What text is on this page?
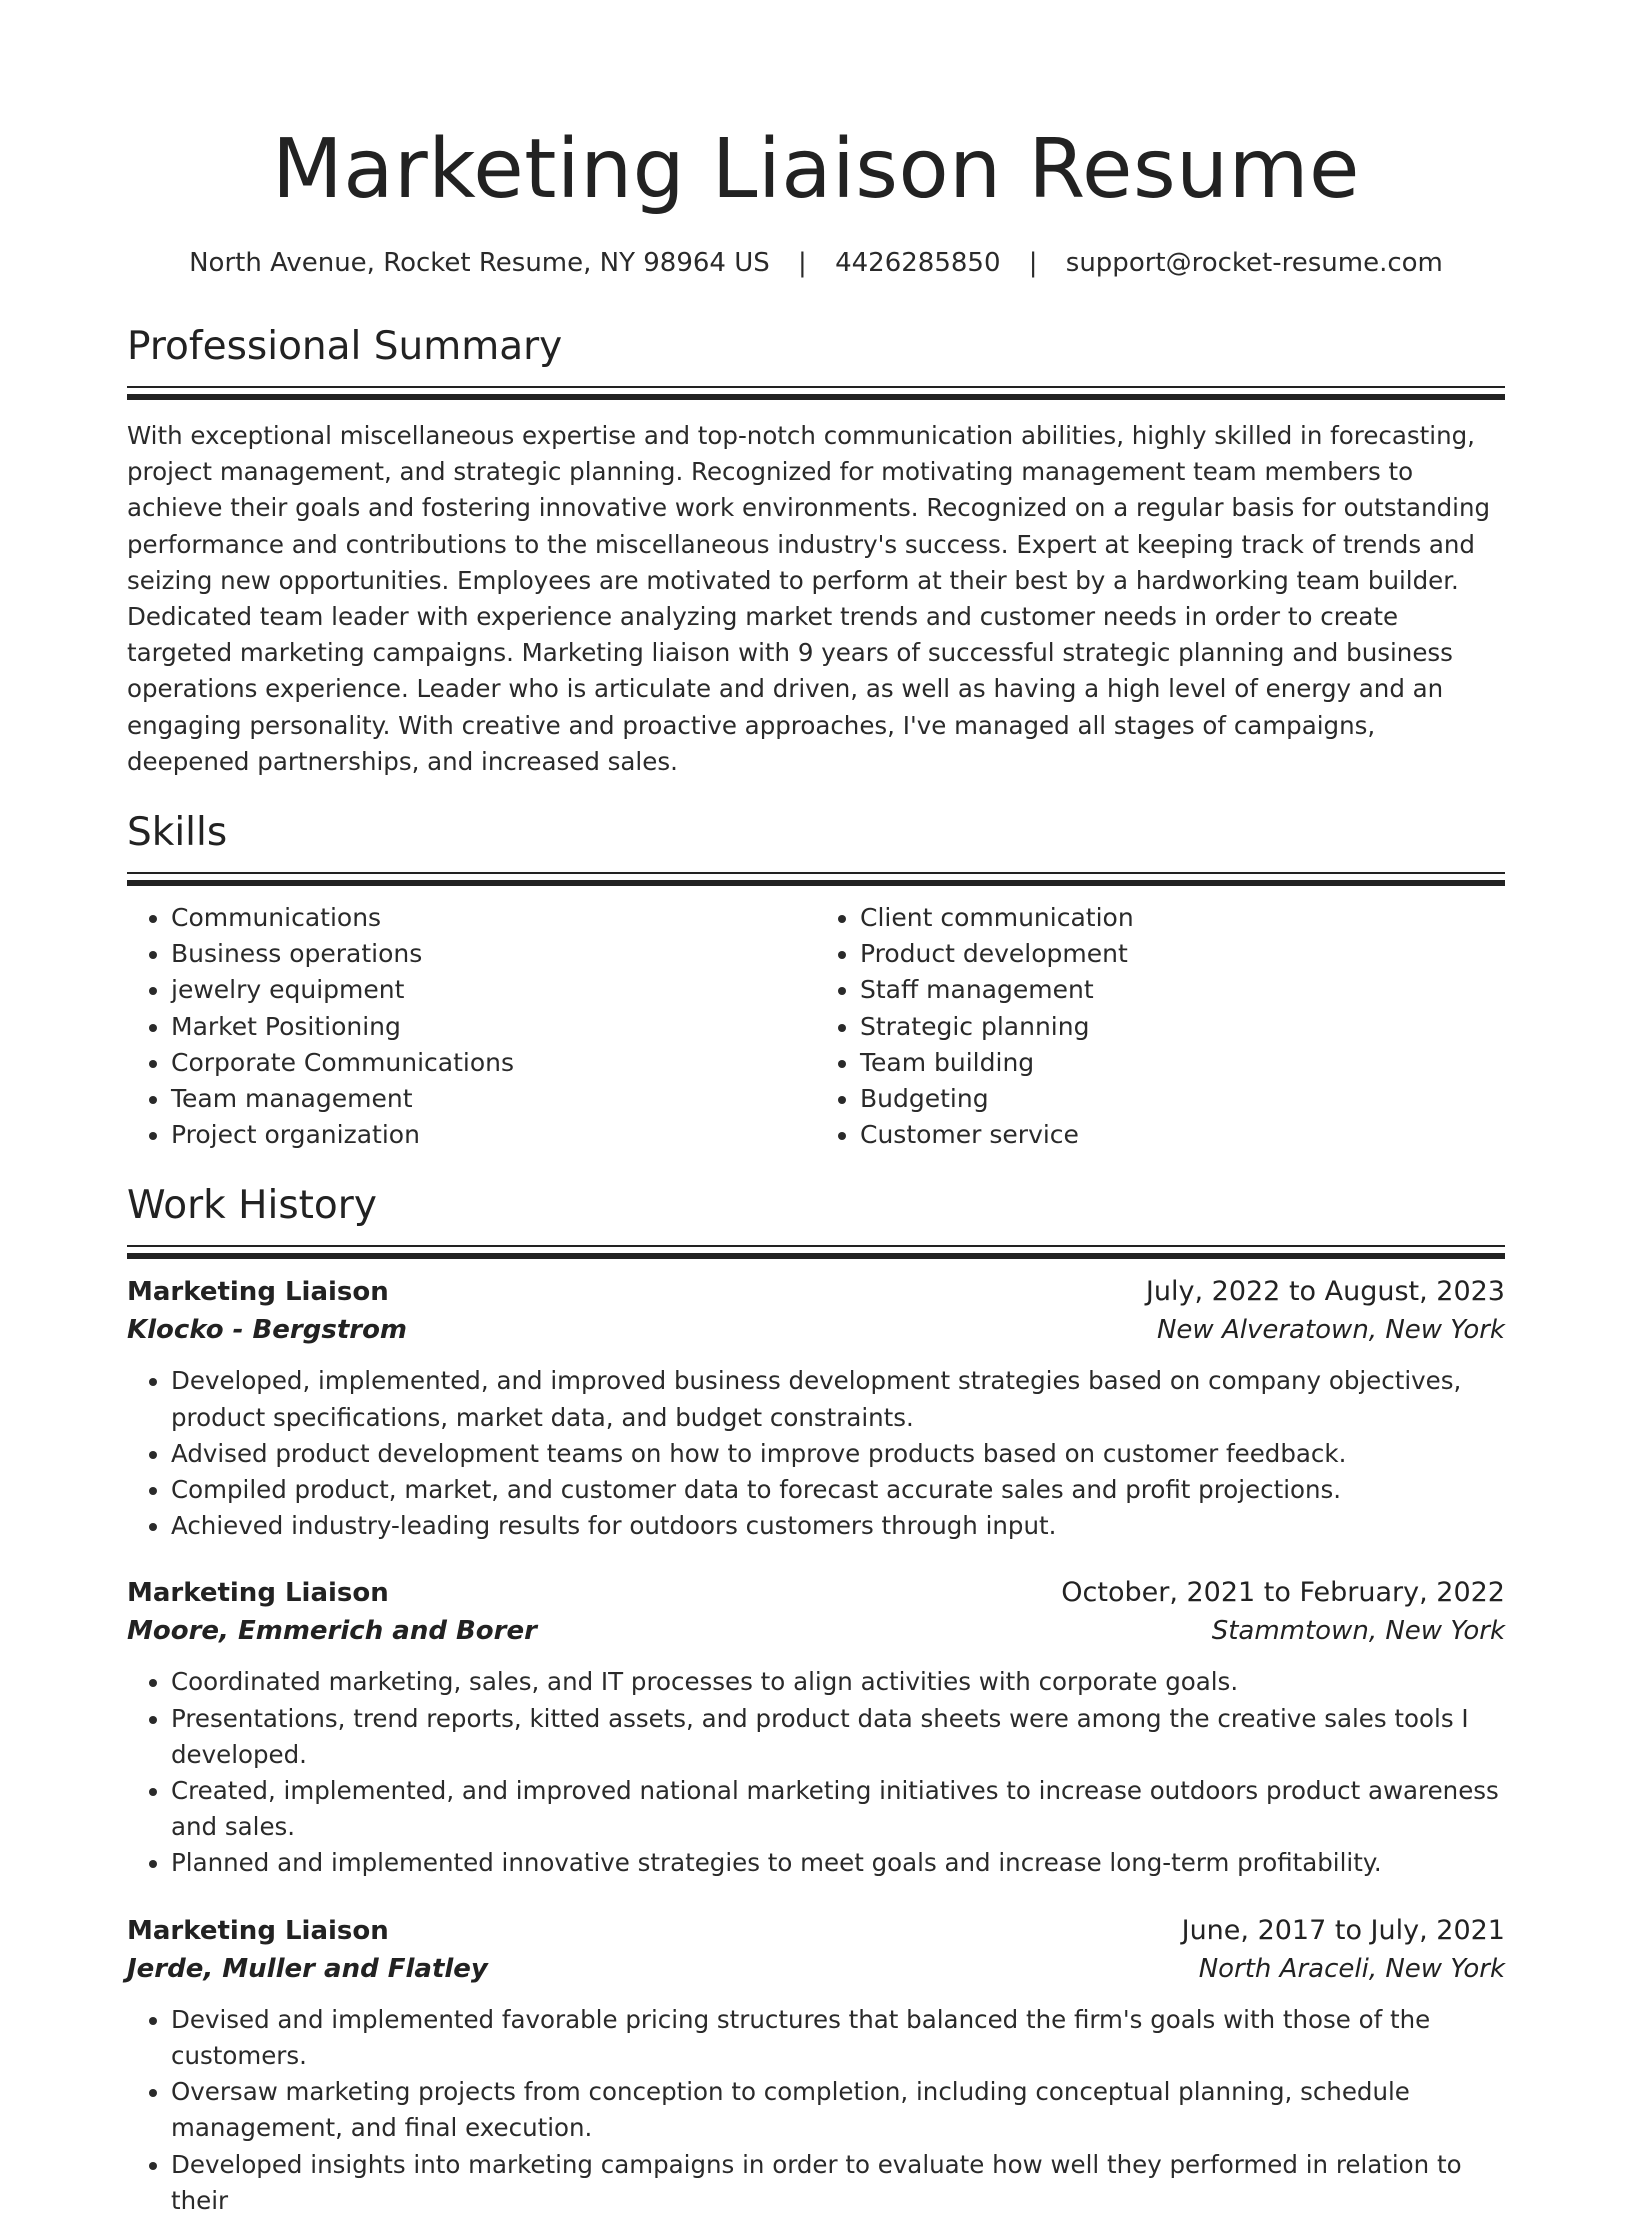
Marketing Liaison Resume
North Avenue, Rocket Resume, NY 98964 US | 4426285850 | support@rocket-resume.com
Professional Summary

With exceptional miscellaneous expertise and top-notch communication abilities, highly skilled in forecasting, project management, and strategic planning. Recognized for motivating management team members to achieve their goals and fostering innovative work environments. Recognized on a regular basis for outstanding performance and contributions to the miscellaneous industry's success. Expert at keeping track of trends and seizing new opportunities. Employees are motivated to perform at their best by a hardworking team builder. Dedicated team leader with experience analyzing market trends and customer needs in order to create targeted marketing campaigns. Marketing liaison with 9 years of successful strategic planning and business operations experience. Leader who is articulate and driven, as well as having a high level of energy and an engaging personality. With creative and proactive approaches, I've managed all stages of campaigns, deepened partnerships, and increased sales.

Skills
• Communications
• Business operations
• jewelry equipment
• Market Positioning
• Corporate Communications
• Team management
• Project organization
• Client communication
• Product development
• Staff management
• Strategic planning
• Team building
• Budgeting
• Customer service
Work History
Marketing Liaison	July, 2022 to August, 2023
Klocko - Bergstrom	New Alveratown, New York
• Developed, implemented, and improved business development strategies based on company objectives, product specifications, market data, and budget constraints.
• Advised product development teams on how to improve products based on customer feedback.
• Compiled product, market, and customer data to forecast accurate sales and profit projections.
• Achieved industry-leading results for outdoors customers through input.
Marketing Liaison	October, 2021 to February, 2022
Moore, Emmerich and Borer	Stammtown, New York
• Coordinated marketing, sales, and IT processes to align activities with corporate goals.
• Presentations, trend reports, kitted assets, and product data sheets were among the creative sales tools I developed.
• Created, implemented, and improved national marketing initiatives to increase outdoors product awareness and sales.
• Planned and implemented innovative strategies to meet goals and increase long-term profitability.
Marketing Liaison	June, 2017 to July, 2021
Jerde, Muller and Flatley	North Araceli, New York
• Devised and implemented favorable pricing structures that balanced the firm's goals with those of the customers.
• Oversaw marketing projects from conception to completion, including conceptual planning, schedule management, and final execution.
• Developed insights into marketing campaigns in order to evaluate how well they performed in relation to their
